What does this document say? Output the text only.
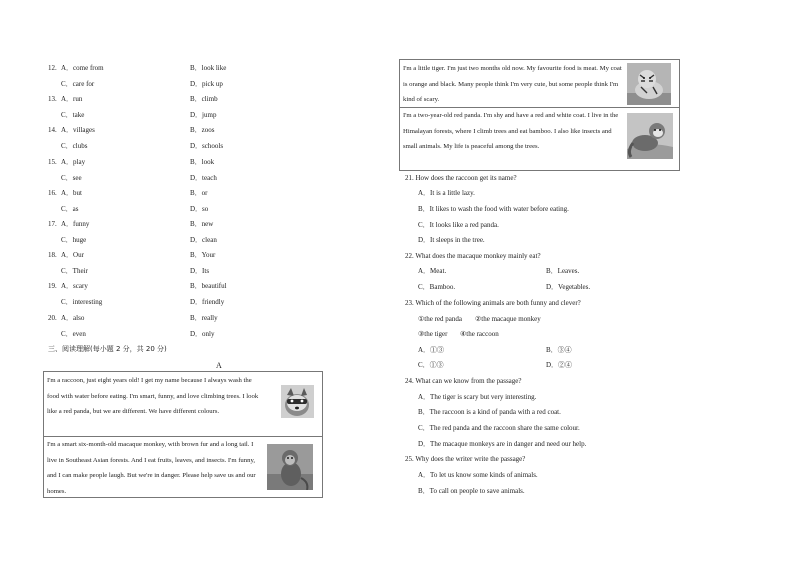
12. A．come from	B．look like
C．care for	D．pick up
13. A．run	B．climb
C．take	D．jump
14. A．villages	B．zoos
C．clubs	D．schools
15. A．play	B．look
C．see	D．teach
16. A．but	B．or
C．as	D．so
17. A．funny	B．new
C．huge	D．clean
18. A．Our	B．Your
C．Their	D．Its
19. A．scary	B．beautiful
C．interesting	D．friendly
20. A．also	B．really
C．even	D．only
三、阅读理解(每小题 2 分，共 20 分)
A
I'm a raccoon, just eight years old! I get my name because I always wash the food with water before eating. I'm smart, funny, and love climbing trees. I look like a red panda, but we are different. We have different colours.
I'm a smart six-month-old macaque monkey, with brown fur and a long tail. I live in Southeast Asian forests. And I eat fruits, leaves, and insects. I'm funny, and I can make people laugh. But we're in danger. Please help save us and our homes.
I'm a little tiger. I'm just two months old now. My favourite food is meat. My coat is orange and black. Many people think I'm very cute, but some people think I'm kind of scary.
I'm a two-year-old red panda. I'm shy and have a red and white coat. I live in the Himalayan forests, where I climb trees and eat bamboo. I also like insects and small animals. My life is peaceful among the trees.
21. How does the raccoon get its name?
A．It is a little lazy.
B．It likes to wash the food with water before eating.
C．It looks like a red panda.
D．It sleeps in the tree.
22. What does the macaque monkey mainly eat?
A．Meat.	B．Leaves.
C．Bamboo.	D．Vegetables.
23. Which of the following animals are both funny and clever?
①the red panda ②the macaque monkey
③the tiger ④the raccoon
A．①③	B．③④
C．①③	D．②④
24. What can we know from the passage?
A．The tiger is scary but very interesting.
B．The raccoon is a kind of panda with a red coat.
C．The red panda and the raccoon share the same colour.
D．The macaque monkeys are in danger and need our help.
25. Why does the writer write the passage?
A．To let us know some kinds of animals.
B．To call on people to save animals.
